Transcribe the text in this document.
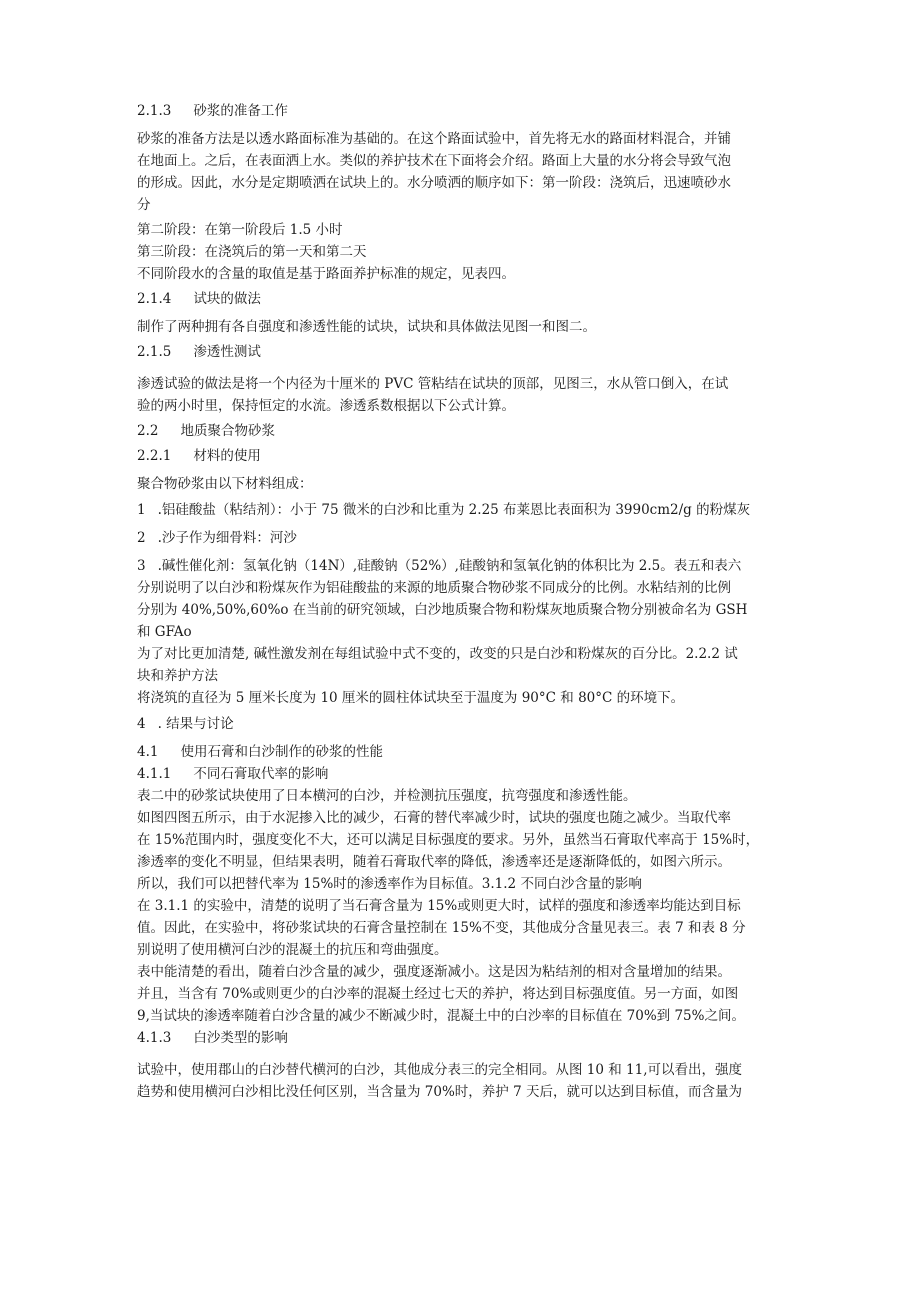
2.1.3 砂浆的准备工作
砂浆的准备方法是以透水路面标准为基础的。在这个路面试验中，首先将无水的路面材料混合，并铺
在地面上。之后，在表面洒上水。类似的养护技术在下面将会介绍。路面上大量的水分将会导致气泡
的形成。因此，水分是定期喷洒在试块上的。水分喷洒的顺序如下：第一阶段：浇筑后，迅速喷砂水
分
第二阶段：在第一阶段后 1.5 小时
第三阶段：在浇筑后的第一天和第二天
不同阶段水的含量的取值是基于路面养护标准的规定，见表四。
2.1.4 试块的做法
制作了两种拥有各自强度和渗透性能的试块，试块和具体做法见图一和图二。
2.1.5 渗透性测试
渗透试验的做法是将一个内径为十厘米的 PVC 管粘结在试块的顶部，见图三，水从管口倒入，在试
验的两小时里，保持恒定的水流。渗透系数根据以下公式计算。
2.2 地质聚合物砂浆
2.2.1 材料的使用
聚合物砂浆由以下材料组成：
1 .铝硅酸盐（粘结剂）：小于 75 微米的白沙和比重为 2.25 布莱恩比表面积为 3990cm2/g 的粉煤灰
2 .沙子作为细骨料：河沙
3 .碱性催化剂：氢氧化钠（14N）,硅酸钠（52%）,硅酸钠和氢氧化钠的体积比为 2.5。表五和表六
分别说明了以白沙和粉煤灰作为铝硅酸盐的来源的地质聚合物砂浆不同成分的比例。水粘结剂的比例
分别为 40%,50%,60%o 在当前的研究领域，白沙地质聚合物和粉煤灰地质聚合物分别被命名为 GSH
和 GFAo
为了对比更加清楚, 碱性激发剂在每组试验中式不变的，改变的只是白沙和粉煤灰的百分比。2.2.2 试
块和养护方法
将浇筑的直径为 5 厘米长度为 10 厘米的圆柱体试块至于温度为 90°C 和 80°C 的环境下。
4 . 结果与讨论
4.1 使用石膏和白沙制作的砂浆的性能
4.1.1 不同石膏取代率的影响
表二中的砂浆试块使用了日本横河的白沙，并检测抗压强度，抗弯强度和渗透性能。
如图四图五所示，由于水泥掺入比的减少，石膏的替代率减少时，试块的强度也随之减少。当取代率
在 15%范围内时，强度变化不大，还可以满足目标强度的要求。另外，虽然当石膏取代率高于 15%时，
渗透率的变化不明显，但结果表明，随着石膏取代率的降低，渗透率还是逐渐降低的，如图六所示。
所以，我们可以把替代率为 15%时的渗透率作为目标值。3.1.2 不同白沙含量的影响
在 3.1.1 的实验中，清楚的说明了当石膏含量为 15%或则更大时，试样的强度和渗透率均能达到目标
值。因此，在实验中，将砂浆试块的石膏含量控制在 15%不变，其他成分含量见表三。表 7 和表 8 分
别说明了使用横河白沙的混凝土的抗压和弯曲强度。
表中能清楚的看出，随着白沙含量的减少，强度逐渐减小。这是因为粘结剂的相对含量增加的结果。
并且，当含有 70%或则更少的白沙率的混凝土经过七天的养护，将达到目标强度值。另一方面，如图
9,当试块的渗透率随着白沙含量的减少不断减少时，混凝土中的白沙率的目标值在 70%到 75%之间。
4.1.3 白沙类型的影响
试验中，使用郡山的白沙替代横河的白沙，其他成分表三的完全相同。从图 10 和 11,可以看出，强度
趋势和使用横河白沙相比没任何区别，当含量为 70%时，养护 7 天后，就可以达到目标值，而含量为
